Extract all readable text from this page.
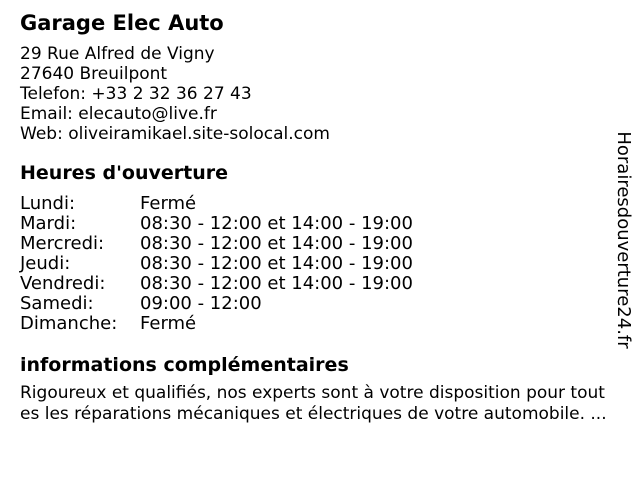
Garage Elec Auto
29 Rue Alfred de Vigny
27640 Breuilpont
Telefon: +33 2 32 36 27 43
Email: elecauto@live.fr
Web: oliveiramikael.site-solocal.com
Heures d'ouverture
Lundi:	Fermé
Mardi:	08:30 - 12:00 et 14:00 - 19:00
Mercredi:	08:30 - 12:00 et 14:00 - 19:00
Jeudi:	08:30 - 12:00 et 14:00 - 19:00
Vendredi:	08:30 - 12:00 et 14:00 - 19:00
Samedi:	09:00 - 12:00
Dimanche:	Fermé
informations complémentaires
Rigoureux et qualifiés, nos experts sont à votre disposition pour toutes les réparations mécaniques et électriques de votre automobile. ...
Horairesdouverture24.fr
